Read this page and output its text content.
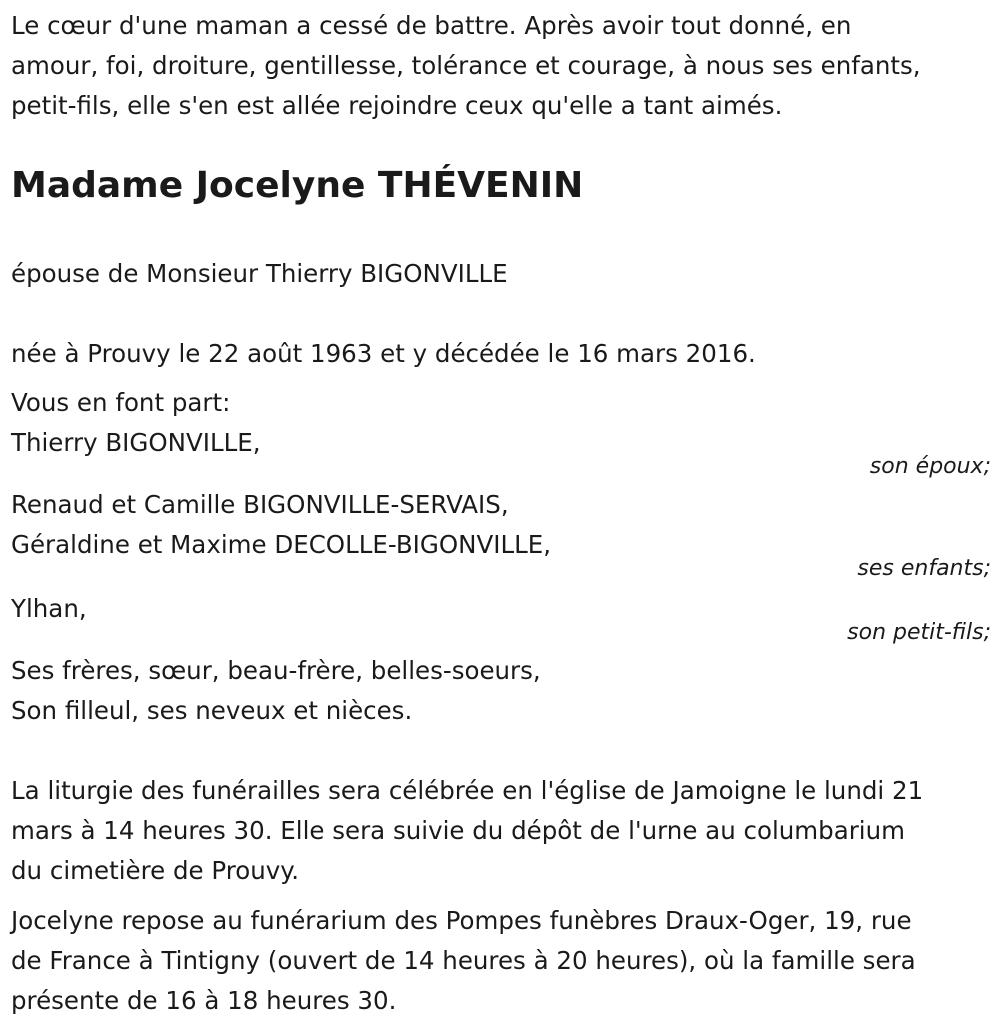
Le cœur d'une maman a cessé de battre. Après avoir tout donné, en
amour, foi, droiture, gentillesse, tolérance et courage, à nous ses enfants,
petit-fils, elle s'en est allée rejoindre ceux qu'elle a tant aimés.
Madame Jocelyne THÉVENIN
épouse de Monsieur Thierry BIGONVILLE
née à Prouvy le 22 août 1963 et y décédée le 16 mars 2016.
Vous en font part:
Thierry BIGONVILLE,
son époux;
Renaud et Camille BIGONVILLE-SERVAIS,
Géraldine et Maxime DECOLLE-BIGONVILLE,
ses enfants;
Ylhan,
son petit-fils;
Ses frères, sœur, beau-frère, belles-soeurs,
Son filleul, ses neveux et nièces.
La liturgie des funérailles sera célébrée en l'église de Jamoigne le lundi 21
mars à 14 heures 30. Elle sera suivie du dépôt de l'urne au columbarium
du cimetière de Prouvy.
Jocelyne repose au funérarium des Pompes funèbres Draux-Oger, 19, rue
de France à Tintigny (ouvert de 14 heures à 20 heures), où la famille sera
présente de 16 à 18 heures 30.
